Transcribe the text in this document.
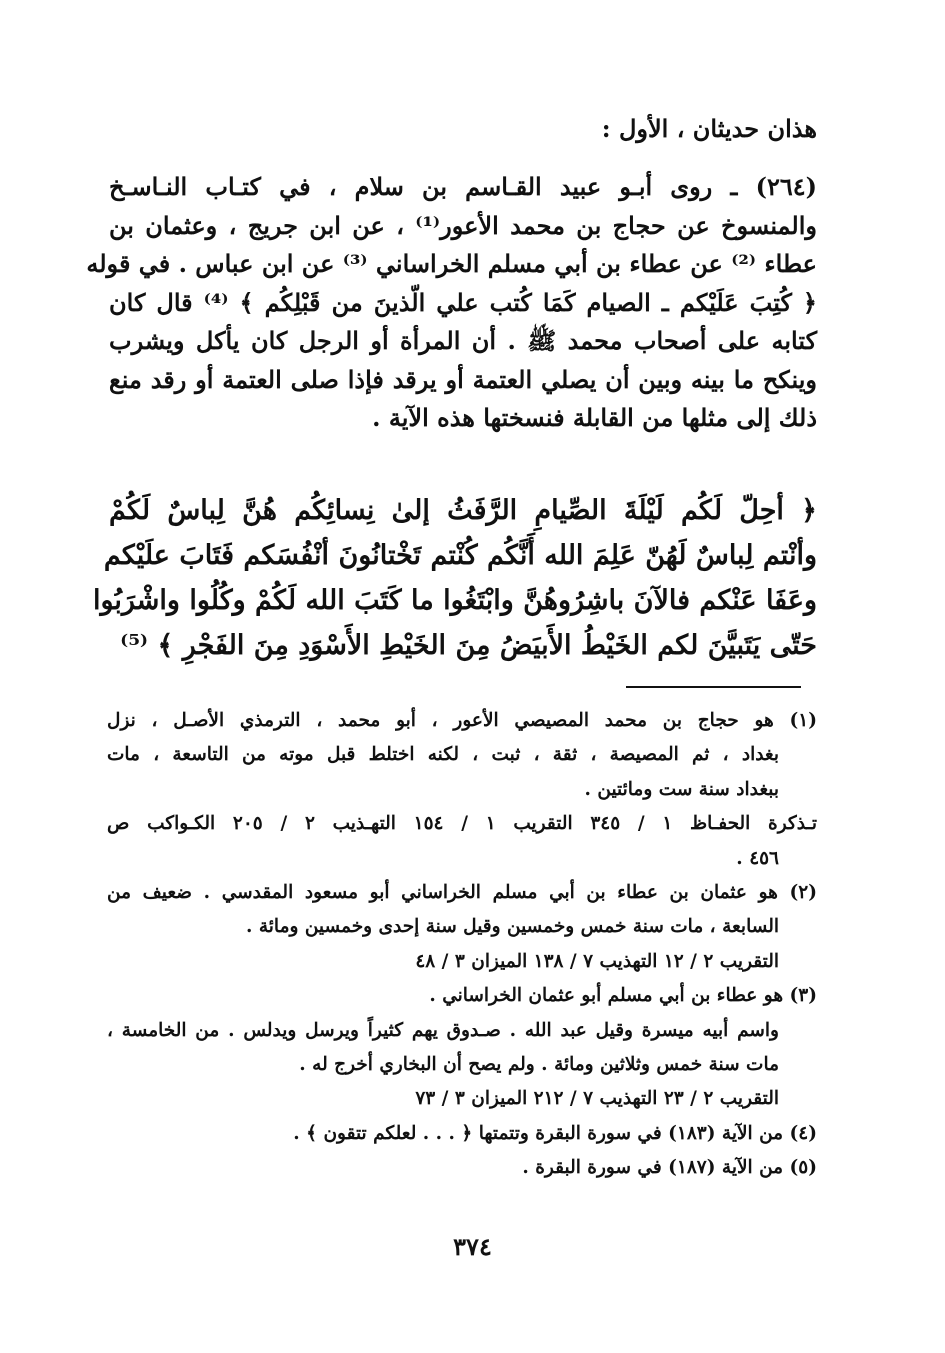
هذان حديثان ، الأول :
(٢٦٤) ـ روى أبـو عبيد القـاسم بن سلام ، في كتـاب النـاسـخ
والمنسوخ عن حجاج بن محمد الأعور⁽¹⁾ ، عن ابن جريج ، وعثمان بن
عطاء ⁽²⁾ عن عطاء بن أبي مسلم الخراساني ⁽³⁾ عن ابن عباس . في قوله
﴿ كُتِبَ عَلَيْكم ـ الصيام كَمَا كُتب علي الّذينَ من قَبْلِكُم ﴾ ⁽⁴⁾ قال كان
كتابه على أصحاب محمد ﷺ . أن المرأة أو الرجل كان يأكل ويشرب
وينكح ما بينه وبين أن يصلي العتمة أو يرقد فإذا صلى العتمة أو رقد منع
ذلك إلى مثلها من القابلة فنسختها هذه الآية .
﴿ أحِلّ لَكُم لَيْلَةَ الصِّيامِ الرَّفَثُ إلىٰ نِسائِكُم هُنَّ لِباسٌ لَكُمْ
وأنْتم لِباسٌ لَهُنّ عَلِمَ الله أَنَّكُم كُنْتم تَخْتانُونَ أنْفُسَكم فَتَابَ علَيْكم
وعَفَا عَنْكم فالآنَ باشِرُوهُنَّ وابْتَغُوا ما كَتَبَ الله لَكُمْ وكُلُوا واشْرَبُوا
حَتّى يَتَبيَّنَ لكم الخَيْطُ الأَبيَضُ مِنَ الخَيْطِ الأَسْوَدِ مِنَ الفَجْرِ ﴾ ⁽⁵⁾
(١) هو حجاج بن محمد المصيصي الأعور ، أبو محمد ، الترمذي الأصـل ، نزل
بغداد ، ثم المصيصة ، ثقة ، ثبت ، لكنه اختلط قبل موته من التاسعة ، مات
ببغداد سنة ست ومائتين .
تـذكرة الحفـاظ ١ / ٣٤٥ التقريب ١ / ١٥٤ التهـذيب ٢ / ٢٠٥ الكـواكب ص
٤٥٦ .
(٢) هو عثمان بن عطاء بن أبي مسلم الخراساني أبو مسعود المقدسي . ضعيف من
السابعة ، مات سنة خمس وخمسين وقيل سنة إحدى وخمسين ومائة .
التقريب ٢ / ١٢ التهذيب ٧ / ١٣٨ الميزان ٣ / ٤٨
(٣) هو عطاء بن أبي مسلم أبو عثمان الخراساني .
واسم أبيه ميسرة وقيل عبد الله . صـدوق يهم كثيراً ويرسل ويدلس . من الخامسة ،
مات سنة خمس وثلاثين ومائة . ولم يصح أن البخاري أخرج له .
التقريب ٢ / ٢٣ التهذيب ٧ / ٢١٢ الميزان ٣ / ٧٣
(٤) من الآية (١٨٣) في سورة البقرة وتتمتها ﴿ . . . لعلكم تتقون ﴾ .
(٥) من الآية (١٨٧) في سورة البقرة .
٣٧٤
